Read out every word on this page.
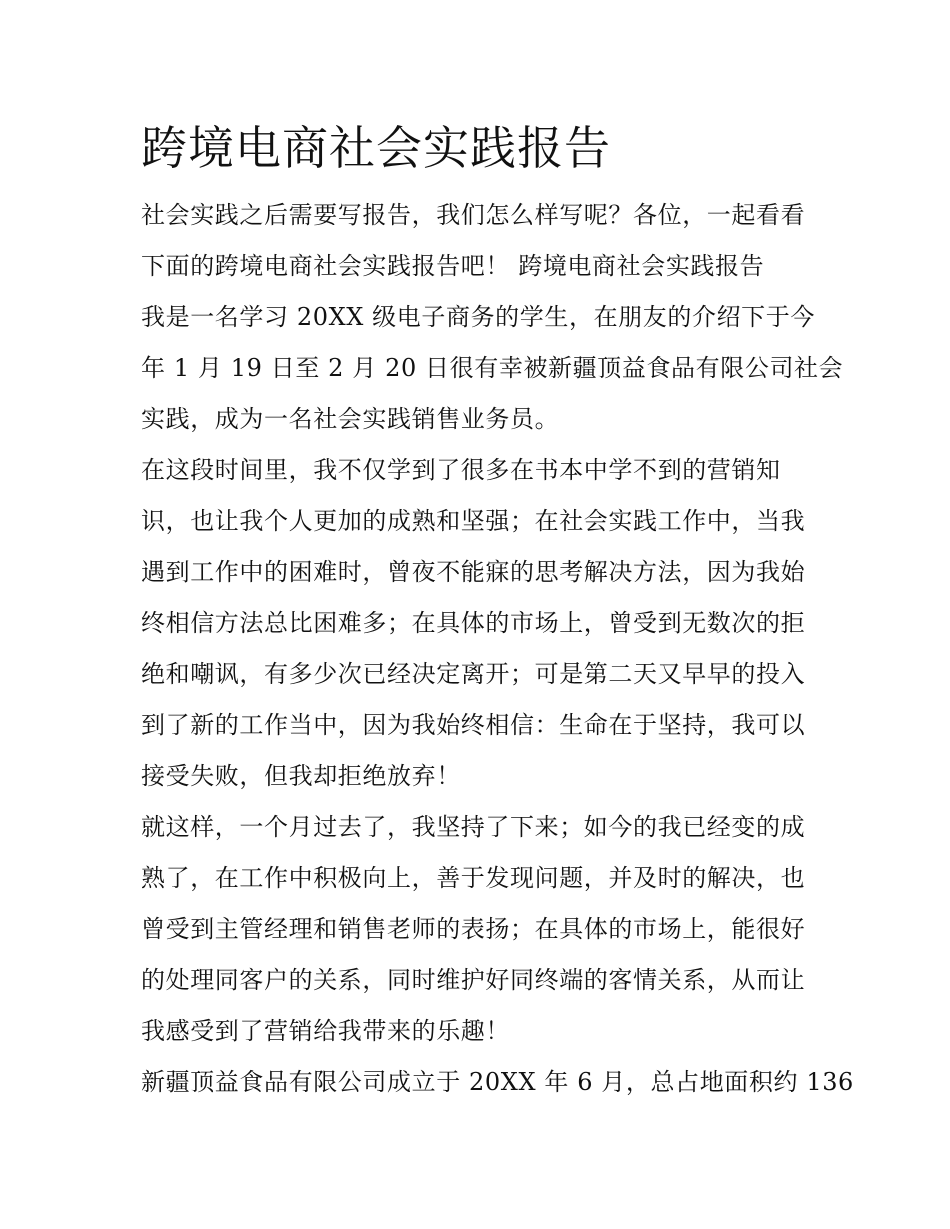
跨境电商社会实践报告
社会实践之后需要写报告，我们怎么样写呢？各位，一起看看
下面的跨境电商社会实践报告吧！ 跨境电商社会实践报告
我是一名学习 20XX 级电子商务的学生，在朋友的介绍下于今
年 1 月 19 日至 2 月 20 日很有幸被新疆顶益食品有限公司社会
实践，成为一名社会实践销售业务员。
在这段时间里，我不仅学到了很多在书本中学不到的营销知
识，也让我个人更加的成熟和坚强；在社会实践工作中，当我
遇到工作中的困难时，曾夜不能寐的思考解决方法，因为我始
终相信方法总比困难多；在具体的市场上，曾受到无数次的拒
绝和嘲讽，有多少次已经决定离开；可是第二天又早早的投入
到了新的工作当中，因为我始终相信：生命在于坚持，我可以
接受失败，但我却拒绝放弃！
就这样，一个月过去了，我坚持了下来；如今的我已经变的成
熟了，在工作中积极向上，善于发现问题，并及时的解决，也
曾受到主管经理和销售老师的表扬；在具体的市场上，能很好
的处理同客户的关系，同时维护好同终端的客情关系，从而让
我感受到了营销给我带来的乐趣！
新疆顶益食品有限公司成立于 20XX 年 6 月，总占地面积约 136
